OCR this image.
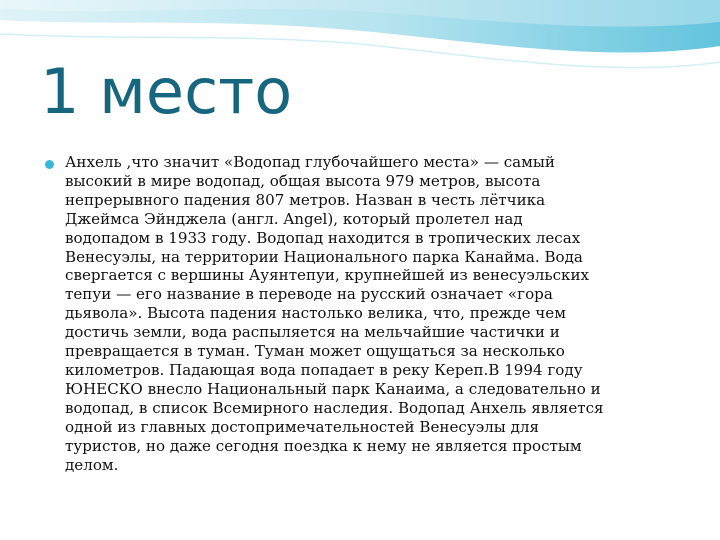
1 место

Анхель ,что значит «Водопад глубочайшего места» — самый
высокий в мире водопад, общая высота 979 метров, высота
непрерывного падения 807 метров. Назван в честь лётчика
Джеймса Эйнджела (англ. Angel), который пролетел над
водопадом в 1933 году. Водопад находится в тропических лесах
Венесуэлы, на территории Национального парка Канайма. Вода
свергается с вершины Ауянтепуи, крупнейшей из венесуэльских
тепуи — его название в переводе на русский означает «гора
дьявола». Высота падения настолько велика, что, прежде чем
достичь земли, вода распыляется на мельчайшие частички и
превращается в туман. Туман может ощущаться за несколько
километров. Падающая вода попадает в реку Кереп.В 1994 году
ЮНЕСКО внесло Национальный парк Канаима, а следовательно и
водопад, в список Всемирного наследия. Водопад Анхель является
одной из главных достопримечательностей Венесуэлы для
туристов, но даже сегодня поездка к нему не является простым
делом.
